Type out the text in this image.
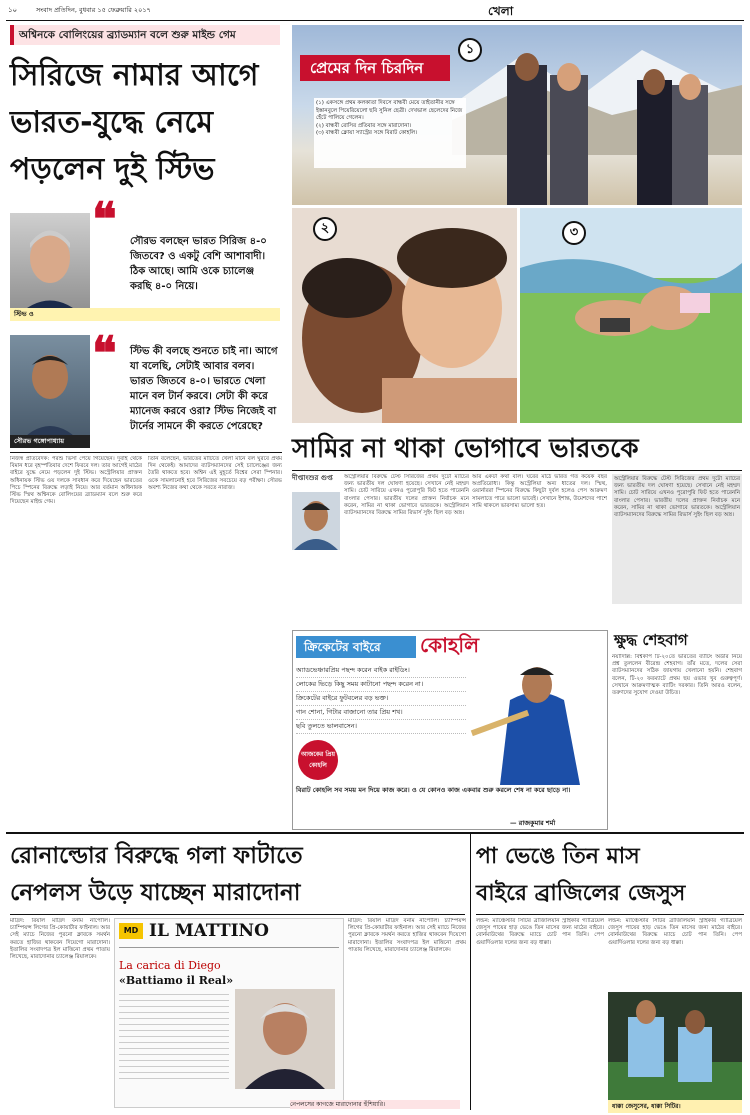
১০	সংবাদ প্রতিদিন, বুধবার ১৫ ফেব্রুয়ারি ২০১৭	খেলা
অশ্বিনকে বোলিংয়ের ব্র্যাডম্যান বলে শুরু মাইন্ড গেম
সিরিজে নামার আগে
ভারত-যুদ্ধে নেমে
পড়লেন দুই স্টিভ
❝	সৌরভ বলছেন ভারত সিরিজ ৪-০ জিতবে? ও একটু বেশি আশাবাদী। ঠিক আছে। আমি ওকে চ্যালেঞ্জ করছি ৪-০ নিয়ে।
স্টিভ ও
❝	স্টিভ কী বলছে শুনতে চাই না। আগে যা বলেছি, সেটাই আবার বলব। ভারত জিতবে ৪-০। ভারতে খেলা মানে বল টার্ন করবে। সেটা কী করে ম্যানেজ করবে ওরা? স্টিভ নিজেই বা টার্নের সামনে কী করতে পেরেছে?
সৌরভ গঙ্গোপাধ্যায়
নিজস্ব প্রতিবেদক: পরশু ভিসা পেয়ে গিয়েছেন। দুবাই থেকে বিমান ধরে বৃহস্পতিবার দেশে ফিরবে দল। তার আগেই মাঠের বাইরে যুদ্ধে নেমে পড়লেন দুই স্টিভ। অস্ট্রেলিয়ার প্রাক্তন অধিনায়ক স্টিভ ওয় দলকে সাবধান করে দিয়েছেন ভারতের পিচে স্পিনের বিরুদ্ধে লড়াই নিয়ে। আর বর্তমান অধিনায়ক স্টিভ স্মিথ অশ্বিনকে বোলিংয়ের ব্র্যাডম্যান বলে শুরু করে দিয়েছেন মাইন্ড গেম।
তিনি বলেছেন, ভারতের মাটিতে খেলা মানে বল ঘুরবে প্রথম দিন থেকেই। আমাদের ব্যাটসম্যানদের সেই চ্যালেঞ্জের জন্য তৈরি থাকতে হবে। অশ্বিন এই মুহূর্তে বিশ্বের সেরা স্পিনার। ওকে সামলানোই হবে সিরিজের সবচেয়ে বড় পরীক্ষা। সৌরভ অবশ্য নিজের কথা থেকে সরতে নারাজ।
প্রেমের দিন চিরদিন
(১) একসঙ্গে প্রথম কলকাতা দিবসে বান্ধবী মেয়ে তাইতানীর সঙ্গে ইস্তানবুলে পিয়েরিয়েলো ছবি সুনিল ছেত্রী। দেখভাল ছেলেদের নিজে হেঁটে পালিয়ে গেলেন।
(২) বান্ধবী রোসির প্রতিবার সঙ্গে মারাদোনা।
(৩) বান্ধবী ক্লোয়া স্যাস্ট্রের সঙ্গে বিরাট কোহলি।
১
২	৩
সামির না থাকা ভোগাবে ভারতকে
দীপ্তাংশুর গুপ্ত অস্ট্রেলিয়ার বিরুদ্ধে টেস্ট সিরিজের প্রথম দুটো ম্যাচের জন্য ভারতীয় দল ঘোষণা হয়েছে। সেখানে নেই মহম্মদ সামি। চোট সারিয়ে এখনও পুরোপুরি ফিট হতে পারেননি বাংলার পেসার। ভারতীয় দলের প্রাক্তন নির্বাচক মনে করেন, সামির না থাকা ভোগাবে ভারতকে। অস্ট্রেলিয়ান ব্যাটসম্যানদের বিরুদ্ধে সামির রিভার্স সুইং ছিল বড় অস্ত্র।
আর একটা কথা বলি। ঘরের মাঠে ভারত গত কয়েক বছর অপ্রতিরোধ্য। কিন্তু অস্ট্রেলিয়া অন্য ধাতের দল। স্মিথ, ওয়ার্নাররা স্পিনের বিরুদ্ধে কিছুটা দুর্বল হলেও পেস আক্রমণ সামলাতে পারে ভালো ভাবেই। সেখানে ইশান্ত, উমেশদের পাশে সামি থাকলে ভারসাম্য ভালো হত।
অস্ট্রেলিয়ার বিরুদ্ধে টেস্ট সিরিজের প্রথম দুটো ম্যাচের জন্য ভারতীয় দল ঘোষণা হয়েছে। সেখানে নেই মহম্মদ সামি। চোট সারিয়ে এখনও পুরোপুরি ফিট হতে পারেননি বাংলার পেসার। ভারতীয় দলের প্রাক্তন নির্বাচক মনে করেন, সামির না থাকা ভোগাবে ভারতকে। অস্ট্রেলিয়ান ব্যাটসম্যানদের বিরুদ্ধে সামির রিভার্স সুইং ছিল বড় অস্ত্র।
ক্ষুদ্ধ শেহবাগ
নয়াদিল্লি: বিশ্বকাপ টি-২০তে ভারতের ব্যাটিং অর্ডার নিয়ে প্রশ্ন তুললেন বীরেন্দ্র শেহবাগ। তাঁর মতে, দলের সেরা ব্যাটসম্যানদের সঠিক জায়গায় খেলানো হয়নি। শেহবাগ বলেন, টি-২০ ফরম্যাটে প্রথম ছয় ওভার খুব গুরুত্বপূর্ণ। সেখানে আক্রমণাত্মক ব্যাটিং দরকার। তিনি আরও বলেন, তরুণদের সুযোগ দেওয়া উচিত।
ক্রিকেটের বাইরে	কোহলি
অ্যাডভেঞ্চারপ্রিয় পছন্দ করেন বাইক রাইডিং।
লোকের ভিড়ে কিছু সময় কাটানো পছন্দ করেন না।
ক্রিকেটের বাইরে ফুটবলের বড় ভক্ত।
গান শোনা, গিটার বাজানো তার প্রিয় শখ।
ছবি তুলতে ভালবাসেন।
আজকের প্রিয় কোহলি
বিরাট কোহলি সব সময় মন দিয়ে কাজ করে। ও যে কোনও কাজ একবার শুরু করলে শেষ না করে ছাড়ে না।
— রাজকুমার শর্মা
রোনাল্ডোর বিরুদ্ধে গলা ফাটাতে
নেপলস উড়ে যাচ্ছেন মারাদোনা
মাদ্রিদ: রিয়াল মাদ্রিদ বনাম নাপোলি। চ্যাম্পিয়ন্স লিগের প্রি-কোয়ার্টার ফাইনাল। আর সেই ম্যাচে নিজের পুরনো ক্লাবকে সমর্থন করতে হাজির থাকবেন দিয়েগো মারাদোনা। ইতালির সংবাদপত্র ইল মাত্তিনো প্রথম পাতায় লিখেছে, মারাদোনার চ্যালেঞ্জ রিয়ালকে।
MD IL MATTINO
La carica di Diego
«Battiamo il Real»
নেপলসের কাগজে মারাদোনার হুঁশিয়ারি।
মাদ্রিদ: রিয়াল মাদ্রিদ বনাম নাপোলি। চ্যাম্পিয়ন্স লিগের প্রি-কোয়ার্টার ফাইনাল। আর সেই ম্যাচে নিজের পুরনো ক্লাবকে সমর্থন করতে হাজির থাকবেন দিয়েগো মারাদোনা। ইতালির সংবাদপত্র ইল মাত্তিনো প্রথম পাতায় লিখেছে, মারাদোনার চ্যালেঞ্জ রিয়ালকে।
পা ভেঙে তিন মাস
বাইরে ব্রাজিলের জেসুস
লন্ডন: ম্যাঞ্চেস্টার সিটির ব্রাজিলিয়ান স্ট্রাইকার গ্যাব্রিয়েল জেসুস পায়ের হাড় ভেঙে তিন মাসের জন্য মাঠের বাইরে। বোর্নমাউথের বিরুদ্ধে ম্যাচে চোট পান তিনি। পেপ গুয়ার্দিওলার দলের জন্য বড় ধাক্কা।
লন্ডন: ম্যাঞ্চেস্টার সিটির ব্রাজিলিয়ান স্ট্রাইকার গ্যাব্রিয়েল জেসুস পায়ের হাড় ভেঙে তিন মাসের জন্য মাঠের বাইরে। বোর্নমাউথের বিরুদ্ধে ম্যাচে চোট পান তিনি। পেপ গুয়ার্দিওলার দলের জন্য বড় ধাক্কা।
ধাক্কা জেসুসের, ধাক্কা সিটির।
